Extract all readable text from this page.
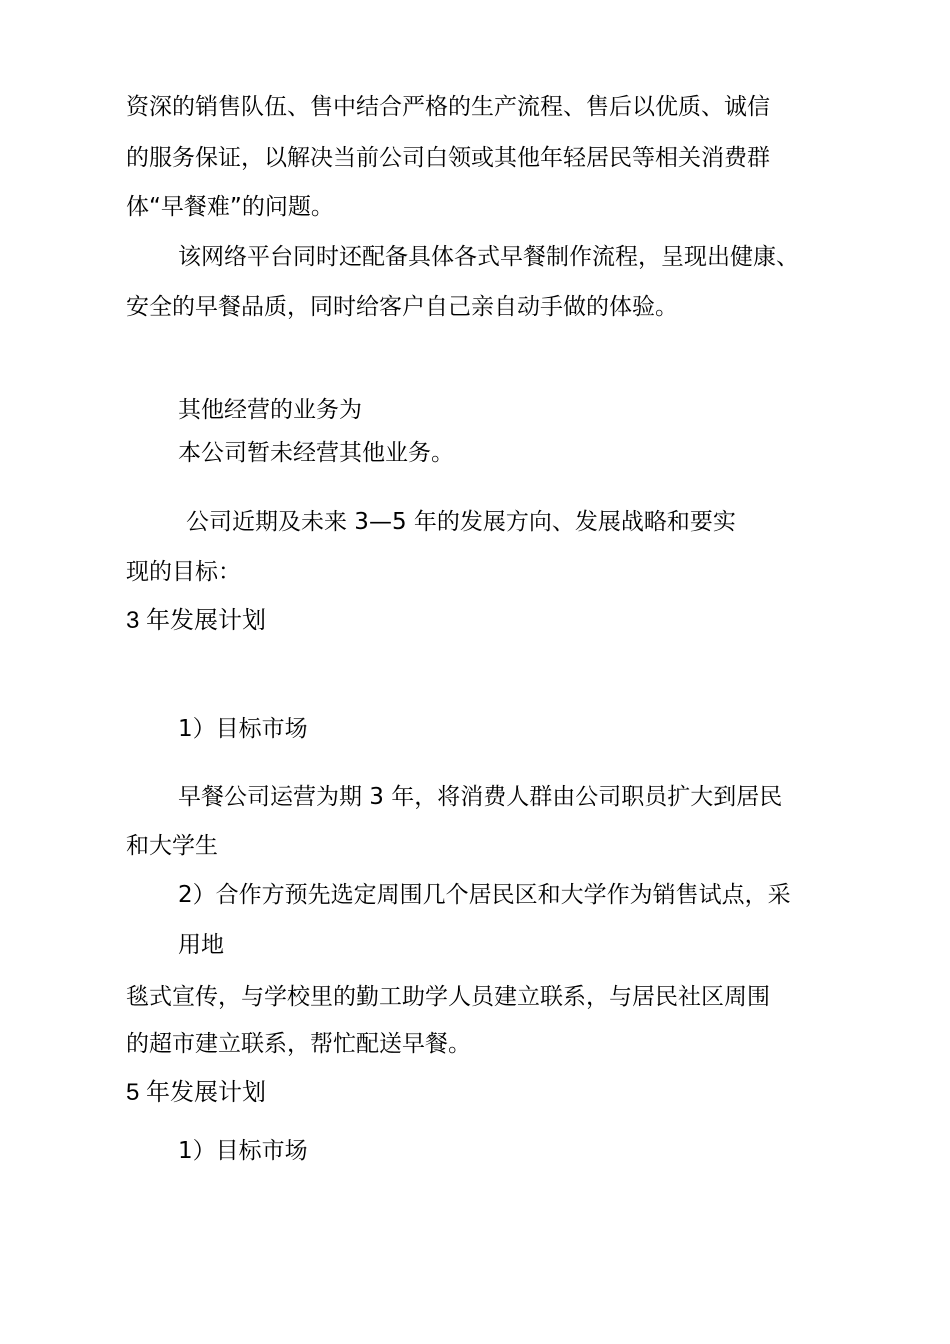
资深的销售队伍、售中结合严格的生产流程、售后以优质、诚信
的服务保证，以解决当前公司白领或其他年轻居民等相关消费群
体“早餐难”的问题。
该网络平台同时还配备具体各式早餐制作流程，呈现出健康、
安全的早餐品质，同时给客户自己亲自动手做的体验。
其他经营的业务为
本公司暂未经营其他业务。
公司近期及未来 3—5 年的发展方向、发展战略和要实
现的目标：
3 年发展计划
1）目标市场
早餐公司运营为期 3 年，将消费人群由公司职员扩大到居民
和大学生
2）合作方预先选定周围几个居民区和大学作为销售试点，采
用地
毯式宣传，与学校里的勤工助学人员建立联系，与居民社区周围
的超市建立联系，帮忙配送早餐。
5 年发展计划
1）目标市场
